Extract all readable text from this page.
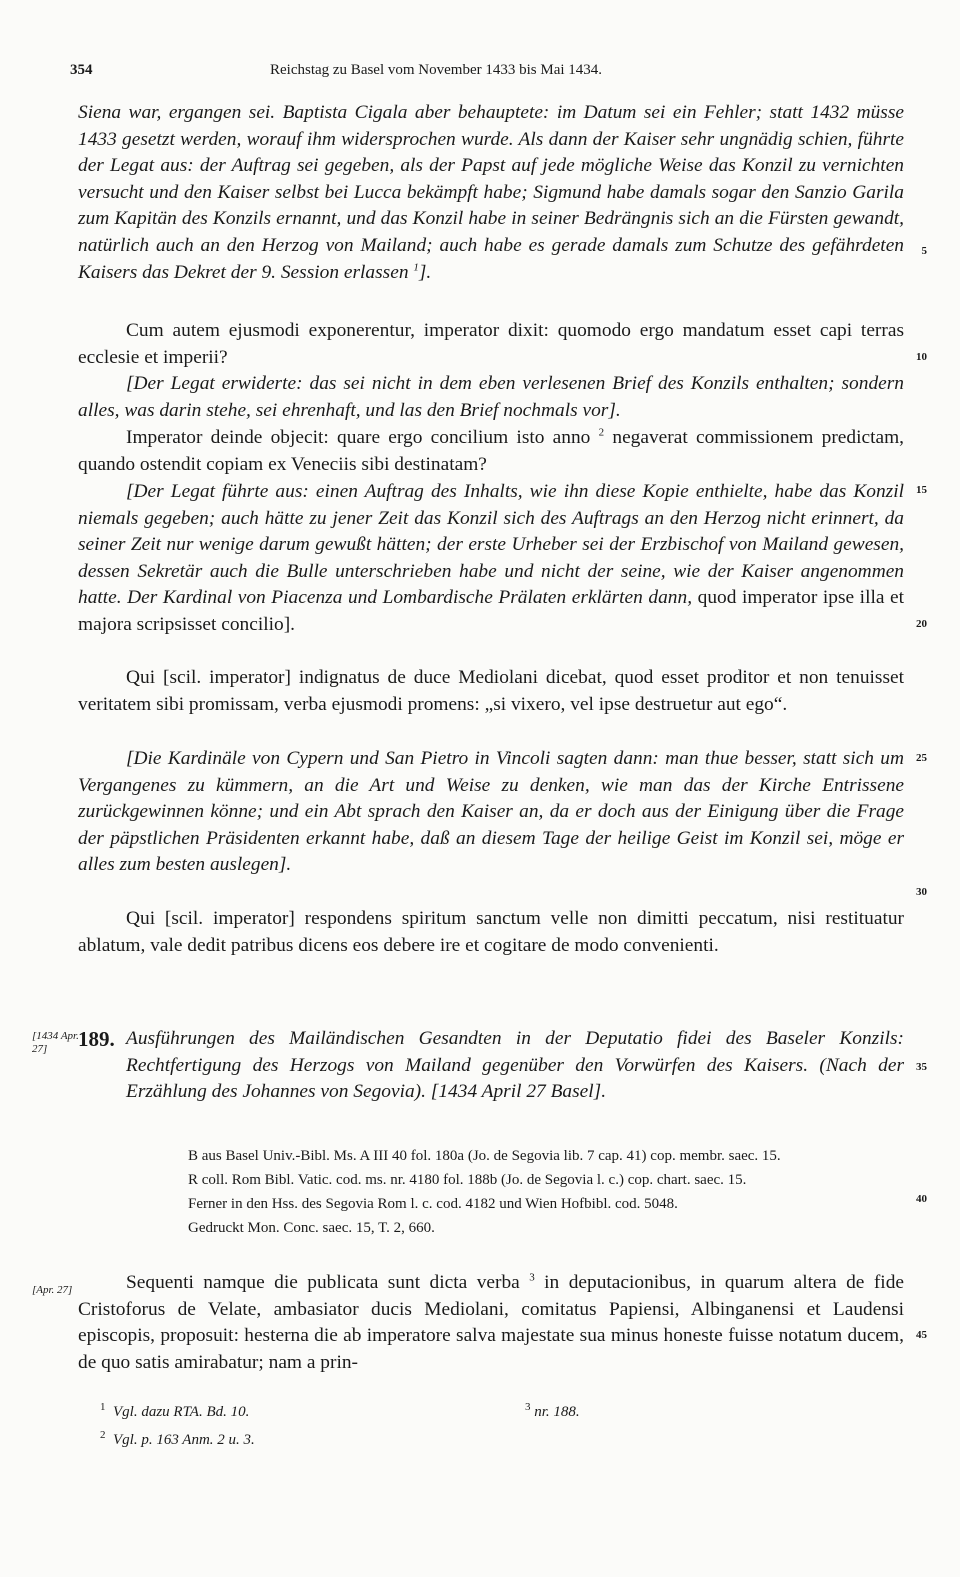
354	Reichstag zu Basel vom November 1433 bis Mai 1434.

Siena war, ergangen sei. Baptista Cigala aber behauptete: im Datum sei ein Fehler; statt 1432 müsse 1433 gesetzt werden, worauf ihm widersprochen wurde. Als dann der Kaiser sehr ungnädig schien, führte der Legat aus: der Auftrag sei gegeben, als der Papst auf jede mögliche Weise das Konzil zu vernichten versucht und den Kaiser selbst bei Lucca bekämpft habe; Sigmund habe damals sogar den Sanzio Garila zum Kapitän des Konzils ernannt, und das Konzil habe in seiner Bedrängnis sich an die Fürsten gewandt, natürlich auch an den Herzog von Mailand; auch habe es gerade damals zum Schutze des gefährdeten Kaisers das Dekret der 9. Session erlassen $^1$].

Cum autem ejusmodi exponerentur, imperator dixit: quomodo ergo mandatum esset capi terras ecclesie et imperii?

[Der Legat erwiderte: das sei nicht in dem eben verlesenen Brief des Konzils enthalten; sondern alles, was darin stehe, sei ehrenhaft, und las den Brief nochmals vor].

Imperator deinde objecit: quare ergo concilium isto anno $^2$ negaverat commissionem predictam, quando ostendit copiam ex Veneciis sibi destinatam?

[Der Legat führte aus: einen Auftrag des Inhalts, wie ihn diese Kopie enthielte, habe das Konzil niemals gegeben; auch hätte zu jener Zeit das Konzil sich des Auftrags an den Herzog nicht erinnert, da seiner Zeit nur wenige darum gewußt hätten; der erste Urheber sei der Erzbischof von Mailand gewesen, dessen Sekretär auch die Bulle unterschrieben habe und nicht der seine, wie der Kaiser angenommen hatte. Der Kardinal von Piacenza und Lombardische Prälaten erklärten dann, quod imperator ipse illa et majora scripsisset concilio].

Qui [scil. imperator] indignatus de duce Mediolani dicebat, quod esset proditor et non tenuisset veritatem sibi promissam, verba ejusmodi promens: „si vixero, vel ipse destruetur aut ego“.

[Die Kardinäle von Cypern und San Pietro in Vincoli sagten dann: man thue besser, statt sich um Vergangenes zu kümmern, an die Art und Weise zu denken, wie man das der Kirche Entrissene zurückgewinnen könne; und ein Abt sprach den Kaiser an, da er doch aus der Einigung über die Frage der päpstlichen Präsidenten erkannt habe, daß an diesem Tage der heilige Geist im Konzil sei, möge er alles zum besten auslegen].

Qui [scil. imperator] respondens spiritum sanctum velle non dimitti peccatum, nisi restituatur ablatum, vale dedit patribus dicens eos debere ire et cogitare de modo convenienti.

[1434 Apr. 27]	189. Ausführungen des Mailändischen Gesandten in der Deputatio fidei des Baseler Konzils: Rechtfertigung des Herzogs von Mailand gegenüber den Vorwürfen des Kaisers. (Nach der Erzählung des Johannes von Segovia). [1434 April 27 Basel].

B aus Basel Univ.-Bibl. Ms. A III 40 fol. 180a (Jo. de Segovia lib. 7 cap. 41) cop. membr. saec. 15.

R coll. Rom Bibl. Vatic. cod. ms. nr. 4180 fol. 188b (Jo. de Segovia l. c.) cop. chart. saec. 15.

Ferner in den Hss. des Segovia Rom l. c. cod. 4182 und Wien Hofbibl. cod. 5048.

Gedruckt Mon. Conc. saec. 15, T. 2, 660.

[Apr. 27]	Sequenti namque die publicata sunt dicta verba $^3$ in deputacionibus, in quarum altera de fide Cristoforus de Velate, ambasiator ducis Mediolani, comitatus Papiensi, Albinganensi et Laudensi episcopis, proposuit: hesterna die ab imperatore salva majestate sua minus honeste fuisse notatum ducem, de quo satis amirabatur; nam a prin-

5
10
15
20
25
30
35
40
45
$^1$ Vgl. dazu RTA. Bd. 10.
$^2$ Vgl. p. 163 Anm. 2 u. 3.
$^3$ nr. 188.
